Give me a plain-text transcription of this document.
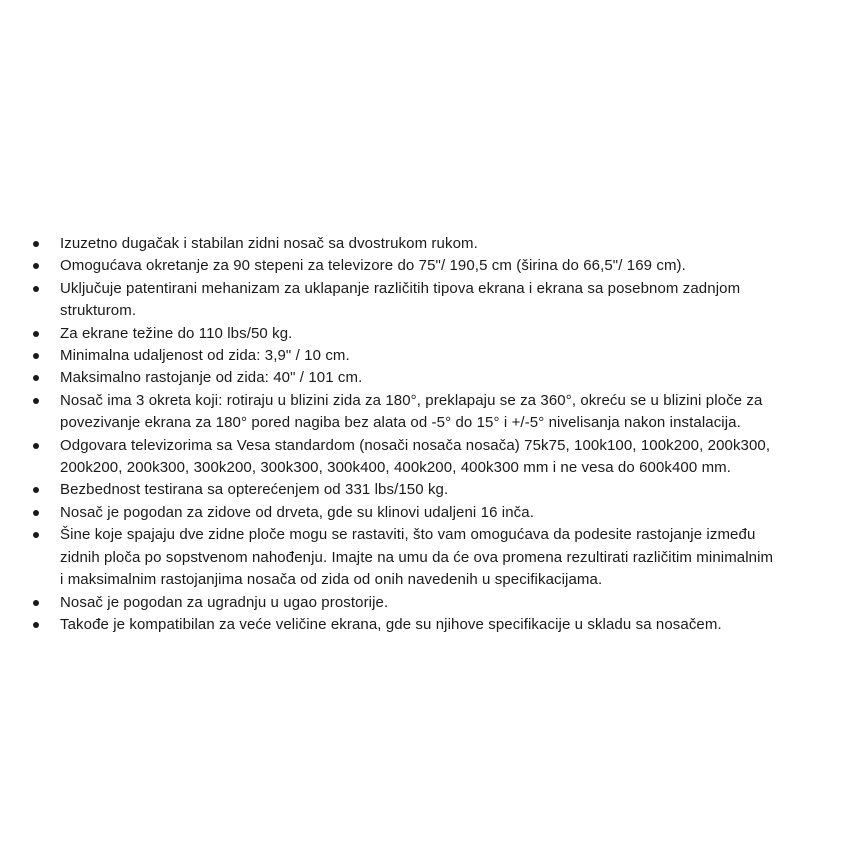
Izuzetno dugačak i stabilan zidni nosač sa dvostrukom rukom.
Omogućava okretanje za 90 stepeni za televizore do 75"/ 190,5 cm (širina do 66,5"/ 169 cm).
Uključuje patentirani mehanizam za uklapanje različitih tipova ekrana i ekrana sa posebnom zadnjom
strukturom.
Za ekrane težine do 110 lbs/50 kg.
Minimalna udaljenost od zida: 3,9" / 10 cm.
Maksimalno rastojanje od zida: 40" / 101 cm.
Nosač ima 3 okreta koji: rotiraju u blizini zida za 180°, preklapaju se za 360°, okreću se u blizini ploče za
povezivanje ekrana za 180° pored nagiba bez alata od -5° do 15° i +/-5° nivelisanja nakon instalacija.
Odgovara televizorima sa Vesa standardom (nosači nosača nosača) 75k75, 100k100, 100k200, 200k300,
200k200, 200k300, 300k200, 300k300, 300k400, 400k200, 400k300 mm i ne vesa do 600k400 mm.
Bezbednost testirana sa opterećenjem od 331 lbs/150 kg.
Nosač je pogodan za zidove od drveta, gde su klinovi udaljeni 16 inča.
Šine koje spajaju dve zidne ploče mogu se rastaviti, što vam omogućava da podesite rastojanje između
zidnih ploča po sopstvenom nahođenju. Imajte na umu da će ova promena rezultirati različitim minimalnim
i maksimalnim rastojanjima nosača od zida od onih navedenih u specifikacijama.
Nosač je pogodan za ugradnju u ugao prostorije.
Takođe je kompatibilan za veće veličine ekrana, gde su njihove specifikacije u skladu sa nosačem.
